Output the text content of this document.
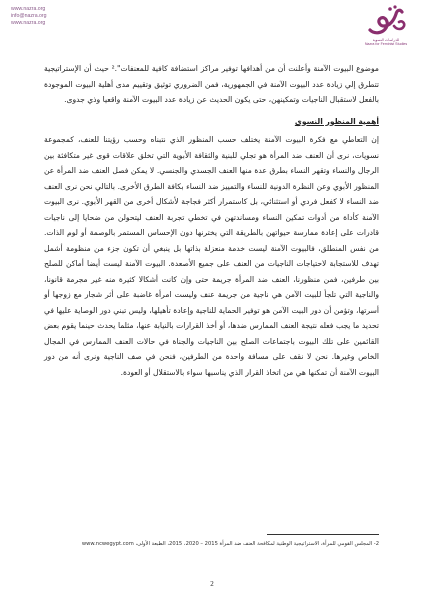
www.nazra.org
info@nazra.org
www.nazra.org
للدراسات النسوية
Nazra for Feminist Studies

موضوع البيوت الآمنة وأعلنت أن من أهدافها توفير مراكز استضافة كافية للمعنفات".² حيث أن الإستراتيجية تتطرق إلي زيادة عدد البيوت الآمنة في الجمهورية، فمن الضروري توثيق وتقييم مدى أهلية البيوت الموجودة بالفعل لاستقبال الناجيات وتمكينهن، حتى يكون الحديث عن زيادة عدد البيوت الآمنة واقعيا وذي جدوى.

أهمية المنظور النسوي

إن التعاطي مع فكرة البيوت الآمنة يختلف حسب المنظور الذي نتبناه وحسب رؤيتنا للعنف، كمجموعة نسويات، نرى أن العنف ضد المرأة هو تجلي للبنية والثقافة الأبوية التي تخلق علاقات قوى غير متكافئة بين الرجال والنساء وتقهر النساء بطرق عدة منها العنف الجسدي والجنسي. لا يمكن فصل العنف ضد المرأة عن المنظور الأبوي وعن النظرة الدونية للنساء والتمييز ضد النساء بكافة الطرق الأخرى. بالتالي نحن نرى العنف ضد النساء لا كفعل فردي أو استثنائي، بل كاستمرار أكثر فجاجة لأشكال أخرى من القهر الأبوي. نرى البيوت الآمنة كأداة من أدوات تمكين النساء ومساندتهن في تخطي تجربة العنف ليتحولن من ضحايا إلى ناجيات قادرات على إعادة ممارسة حيواتهن بالطريقة التي يخترنها دون الإحساس المستمر بالوصمة أو لوم الذات. من نفس المنطلق، فالبيوت الآمنة ليست خدمة منعزلة بذاتها بل ينبغي أن تكون جزء من منظومة أشمل تهدف للاستجابة لاحتياجات الناجيات من العنف على جميع الأصعدة. البيوت الآمنة ليست أيضا أماكن للصلح بين طرفين، فمن منظورنا، العنف ضد المرأة جريمة حتى وإن كانت أشكالا كثيرة منه غير مجرمة قانونا، والناجية التي تلجأ للبيت الآمن هي ناجية من جريمة عنف وليست امرأة غاضبة على أثر شجار مع زوجها أو أسرتها، وتؤمن أن دور البيت الآمن هو توفير الحماية للناجية وإعادة تأهيلها، وليس تبني دور الوصاية عليها في تحديد ما يجب فعله نتيجة العنف الممارس ضدها، أو أخذ القرارات بالنيابة عنها، مثلما يحدث حينما يقوم بعض القائمين على تلك البيوت باجتماعات الصلح بين الناجيات والجناة في حالات العنف الممارس في المجال الخاص وغيرها. نحن لا نقف على مسافة واحدة من الطرفين، فنحن في صف الناجية ونرى أنه من دور البيوت الآمنة أن تمكنها هي من اتخاذ القرار الذي يناسبها سواء بالاستقلال أو العودة.

2- المجلس القومي للمرأة، الاستراتيجية الوطنية لمكافحة العنف ضد المرأة 2015 – 2020، 2015، الطبعة الأولى، www.ncwegypt.com
2
